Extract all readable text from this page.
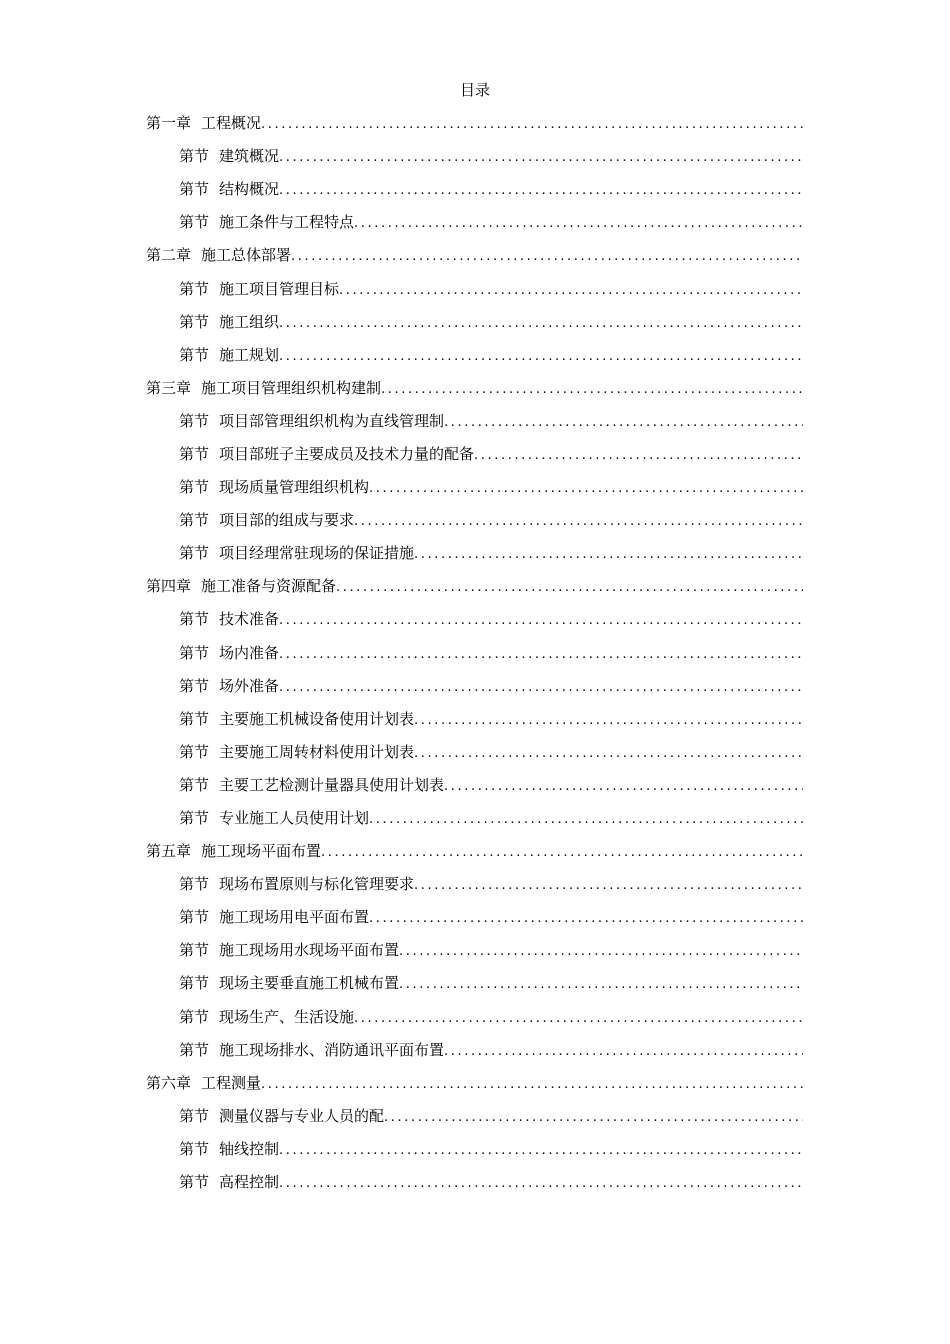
目录
第一章 工程概况
.....
第节 建筑概况
.....
第节 结构概况
.....
第节 施工条件与工程特点
.....
第二章 施工总体部署
.....
第节 施工项目管理目标
.....
第节 施工组织
.....
第节 施工规划
.....
第三章 施工项目管理组织机构建制
.....
第节 项目部管理组织机构为直线管理制
.....
第节 项目部班子主要成员及技术力量的配备
.....
第节 现场质量管理组织机构
.....
第节 项目部的组成与要求
.....
第节 项目经理常驻现场的保证措施
.....
第四章 施工准备与资源配备
.....
第节 技术准备
.....
第节 场内准备
.....
第节 场外准备
.....
第节 主要施工机械设备使用计划表
.....
第节 主要施工周转材料使用计划表
.....
第节 主要工艺检测计量器具使用计划表
.....
第节 专业施工人员使用计划
.....
第五章 施工现场平面布置
.....
第节 现场布置原则与标化管理要求
.....
第节 施工现场用电平面布置
.....
第节 施工现场用水现场平面布置
.....
第节 现场主要垂直施工机械布置
.....
第节 现场生产、生活设施
.....
第节 施工现场排水、消防通讯平面布置
.....
第六章 工程测量
.....
第节 测量仪器与专业人员的配
.....
第节 轴线控制
.....
第节 高程控制
.....
